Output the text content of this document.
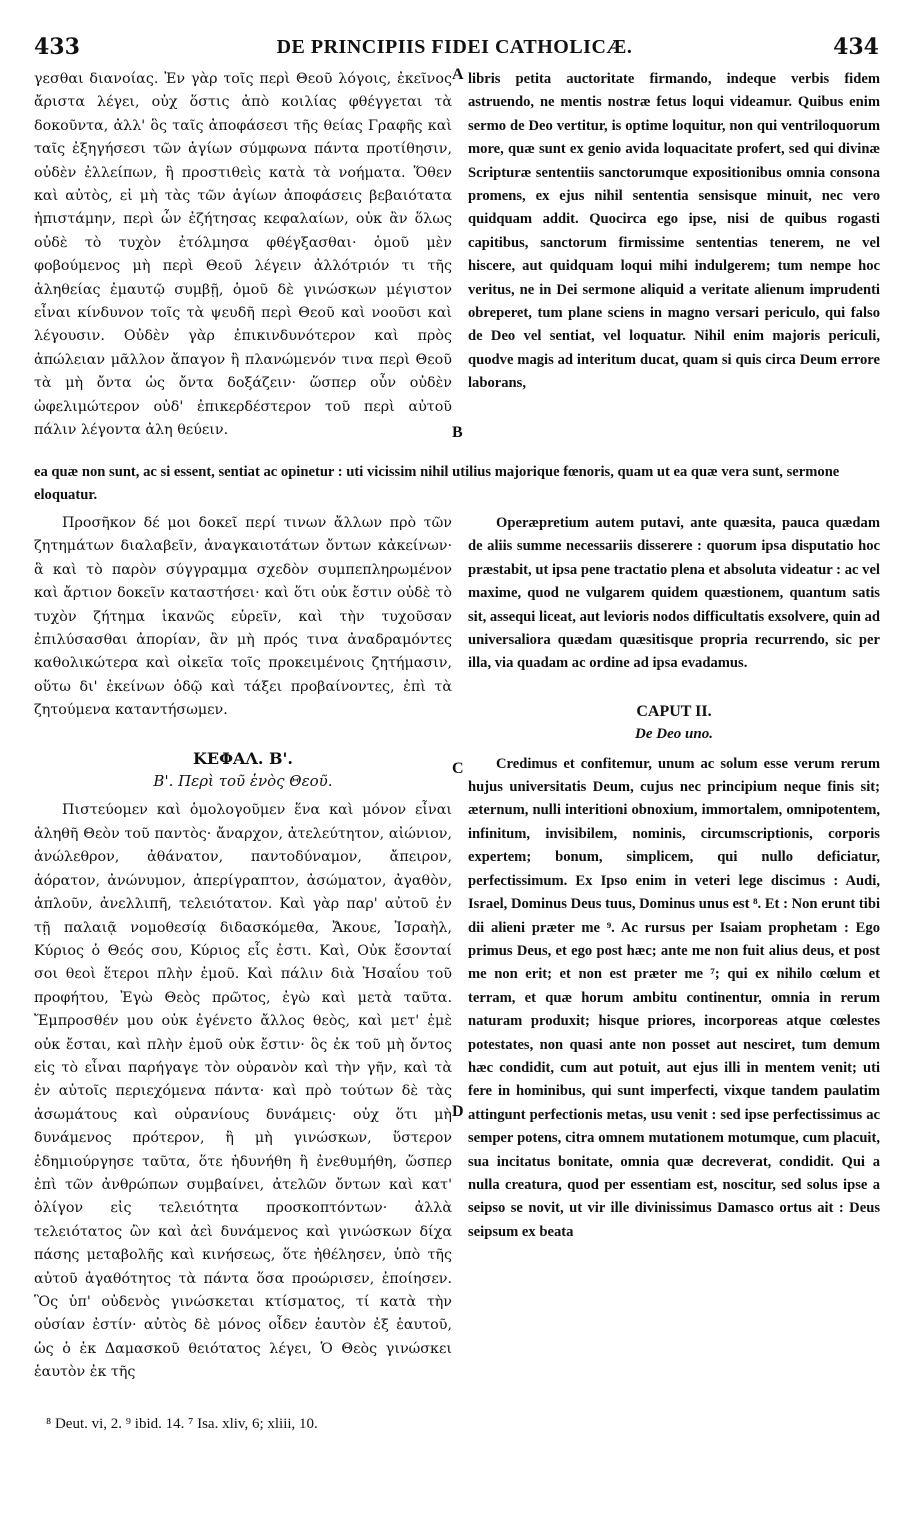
433	DE PRINCIPIIS FIDEI CATHOLICÆ.	434

γεσθαι διανοίας. Ἐν γὰρ τοῖς περὶ Θεοῦ λόγοις, ἐκεῖνος ἄριστα λέγει, οὐχ ὅστις ἀπὸ κοιλίας φθέγγεται τὰ δοκοῦντα, ἀλλ' ὃς ταῖς ἀποφάσεσι τῆς θείας Γραφῆς καὶ ταῖς ἐξηγήσεσι τῶν ἁγίων σύμφωνα πάντα προτίθησιν, οὐδὲν ἐλλείπων, ἢ προστιθεὶς κατὰ τὰ νοήματα. Ὅθεν καὶ αὐτὸς, εἰ μὴ τὰς τῶν ἁγίων ἀποφάσεις βεβαιότατα ἠπιστάμην, περὶ ὧν ἐζήτησας κεφαλαίων, οὐκ ἂν ὅλως οὐδὲ τὸ τυχὸν ἐτόλμησα φθέγξασθαι· ὁμοῦ μὲν φοβούμενος μὴ περὶ Θεοῦ λέγειν ἀλλότριόν τι τῆς ἀληθείας ἐμαυτῷ συμβῇ, ὁμοῦ δὲ γινώσκων μέγιστον εἶναι κίνδυνον τοῖς τὰ ψευδῆ περὶ Θεοῦ καὶ νοοῦσι καὶ λέγουσιν. Οὐδὲν γὰρ ἐπικινδυνότερον καὶ πρὸς ἀπώλειαν μᾶλλον ἄπαγον ἢ πλανώμενόν τινα περὶ Θεοῦ τὰ μὴ ὄντα ὡς ὄντα δοξάζειν· ὥσπερ οὖν οὐδὲν ὠφελιμώτερον οὐδ' ἐπικερδέστερον τοῦ περὶ αὐτοῦ πάλιν λέγοντα ἀλη θεύειν.

ea quæ non sunt, ac si essent, sentiat ac opinetur : uti vicissim nihil utilius majorique fœnoris, quam ut ea quæ vera sunt, sermone eloquatur.

Προσῆκον δέ μοι δοκεῖ περί τινων ἄλλων πρὸ τῶν ζητημάτων διαλαβεῖν, ἀναγκαιοτάτων ὄντων κἀκείνων· ἃ καὶ τὸ παρὸν σύγγραμμα σχεδὸν συμπεπληρωμένον καὶ ἄρτιον δοκεῖν καταστήσει· καὶ ὅτι οὐκ ἔστιν οὐδὲ τὸ τυχὸν ζήτημα ἱκανῶς εὑρεῖν, καὶ τὴν τυχοῦσαν ἐπιλύσασθαι ἀπορίαν, ἂν μὴ πρός τινα ἀναδραμόντες καθολικώτερα καὶ οἰκεῖα τοῖς προκειμένοις ζητήμασιν, οὕτω δι' ἐκείνων ὁδῷ καὶ τάξει προβαίνοντες, ἐπὶ τὰ ζητούμενα καταντήσωμεν.

ΚΕΦΑΛ. Β'.
Β'. Περὶ τοῦ ἑνὸς Θεοῦ.

Πιστεύομεν καὶ ὁμολογοῦμεν ἕνα καὶ μόνον εἶναι ἀληθῆ Θεὸν τοῦ παντὸς· ἄναρχον, ἀτελεύτητον, αἰώνιον, ἀνώλεθρον, ἀθάνατον, παντοδύναμον, ἄπειρον, ἀόρατον, ἀνώνυμον, ἀπερίγραπτον, ἀσώματον, ἀγαθὸν, ἁπλοῦν, ἀνελλιπῆ, τελειότατον. Καὶ γὰρ παρ' αὐτοῦ ἐν τῇ παλαιᾷ νομοθεσίᾳ διδασκόμεθα, Ἄκουε, Ἰσραὴλ, Κύριος ὁ Θεός σου, Κύριος εἷς ἐστι. Καὶ, Οὐκ ἔσονταί σοι θεοὶ ἕτεροι πλὴν ἐμοῦ. Καὶ πάλιν διὰ Ἠσαΐου τοῦ προφήτου, Ἐγὼ Θεὸς πρῶτος, ἐγὼ καὶ μετὰ ταῦτα. Ἔμπροσθέν μου οὐκ ἐγένετο ἄλλος θεὸς, καὶ μετ' ἐμὲ οὐκ ἔσται, καὶ πλὴν ἐμοῦ οὐκ ἔστιν· ὃς ἐκ τοῦ μὴ ὄντος εἰς τὸ εἶναι παρήγαγε τὸν οὐρανὸν καὶ τὴν γῆν, καὶ τὰ ἐν αὐτοῖς περιεχόμενα πάντα· καὶ πρὸ τούτων δὲ τὰς ἀσωμάτους καὶ οὐρανίους δυνάμεις· οὐχ ὅτι μὴ δυνάμενος πρότερον, ἢ μὴ γινώσκων, ὕστερον ἐδημιούργησε ταῦτα, ὅτε ἠδυνήθη ἢ ἐνεθυμήθη, ὥσπερ ἐπὶ τῶν ἀνθρώπων συμβαίνει, ἀτελῶν ὄντων καὶ κατ' ὀλίγον εἰς τελειότητα προσκοπτόντων· ἀλλὰ τελειότατος ὢν καὶ ἀεὶ δυνάμενος καὶ γινώσκων δίχα πάσης μεταβολῆς καὶ κινήσεως, ὅτε ἠθέλησεν, ὑπὸ τῆς αὐτοῦ ἀγαθότητος τὰ πάντα ὅσα προώρισεν, ἐποίησεν. Ὃς ὑπ' οὐδενὸς γινώσκεται κτίσματος, τί κατὰ τὴν οὐσίαν ἐστίν· αὐτὸς δὲ μόνος οἶδεν ἑαυτὸν ἐξ ἑαυτοῦ, ὡς ὁ ἐκ Δαμασκοῦ θειότατος λέγει, Ὁ Θεὸς γινώσκει ἑαυτὸν ἐκ τῆς

libris petita auctoritate firmando, indeque verbis fidem astruendo, ne mentis nostræ fetus loqui videamur. Quibus enim sermo de Deo vertitur, is optime loquitur, non qui ventriloquorum more, quæ sunt ex genio avida loquacitate profert, sed qui divinæ Scripturæ sententiis sanctorumque expositionibus omnia consona promens, ex ejus nihil sententia sensisque minuit, nec vero quidquam addit. Quocirca ego ipse, nisi de quibus rogasti capitibus, sanctorum firmissime sententias tenerem, ne vel hiscere, aut quidquam loqui mihi indulgerem; tum nempe hoc veritus, ne in Dei sermone aliquid a veritate alienum imprudenti obreperet, tum plane sciens in magno versari periculo, qui falso de Deo vel sentiat, vel loquatur. Nihil enim majoris periculi, quodve magis ad interitum ducat, quam si quis circa Deum errore laborans,

Operæpretium autem putavi, ante quæsita, pauca quædam de aliis summe necessariis disserere : quorum ipsa disputatio hoc præstabit, ut ipsa pene tractatio plena et absoluta videatur : ac vel maxime, quod ne vulgarem quidem quæstionem, quantum satis sit, assequi liceat, aut levioris nodos difficultatis exsolvere, quin ad universaliora quædam quæsitisque propria recurrendo, sic per illa, via quadam ac ordine ad ipsa evadamus.

CAPUT II.
De Deo uno.

Credimus et confitemur, unum ac solum esse verum rerum hujus universitatis Deum, cujus nec principium neque finis sit; æternum, nulli interitioni obnoxium, immortalem, omnipotentem, infinitum, invisibilem, nominis, circumscriptionis, corporis expertem; bonum, simplicem, qui nullo deficiatur, perfectissimum. Ex Ipso enim in veteri lege discimus : Audi, Israel, Dominus Deus tuus, Dominus unus est ⁸. Et : Non erunt tibi dii alieni præter me ⁹. Ac rursus per Isaiam prophetam : Ego primus Deus, et ego post hæc; ante me non fuit alius deus, et post me non erit; et non est præter me ⁷; qui ex nihilo cœlum et terram, et quæ horum ambitu continentur, omnia in rerum naturam produxit; hisque priores, incorporeas atque cœlestes potestates, non quasi ante non posset aut nesciret, tum demum hæc condidit, cum aut potuit, aut ejus illi in mentem venit; uti fere in hominibus, qui sunt imperfecti, vixque tandem paulatim attingunt perfectionis metas, usu venit : sed ipse perfectissimus ac semper potens, citra omnem mutationem motumque, cum placuit, sua incitatus bonitate, omnia quæ decreverat, condidit. Qui a nulla creatura, quod per essentiam est, noscitur, sed solus ipse a seipso se novit, ut vir ille divinissimus Damasco ortus ait : Deus seipsum ex beata

A
B
C
D
⁸ Deut. vi, 2. ⁹ ibid. 14. ⁷ Isa. xliv, 6; xliii, 10.
